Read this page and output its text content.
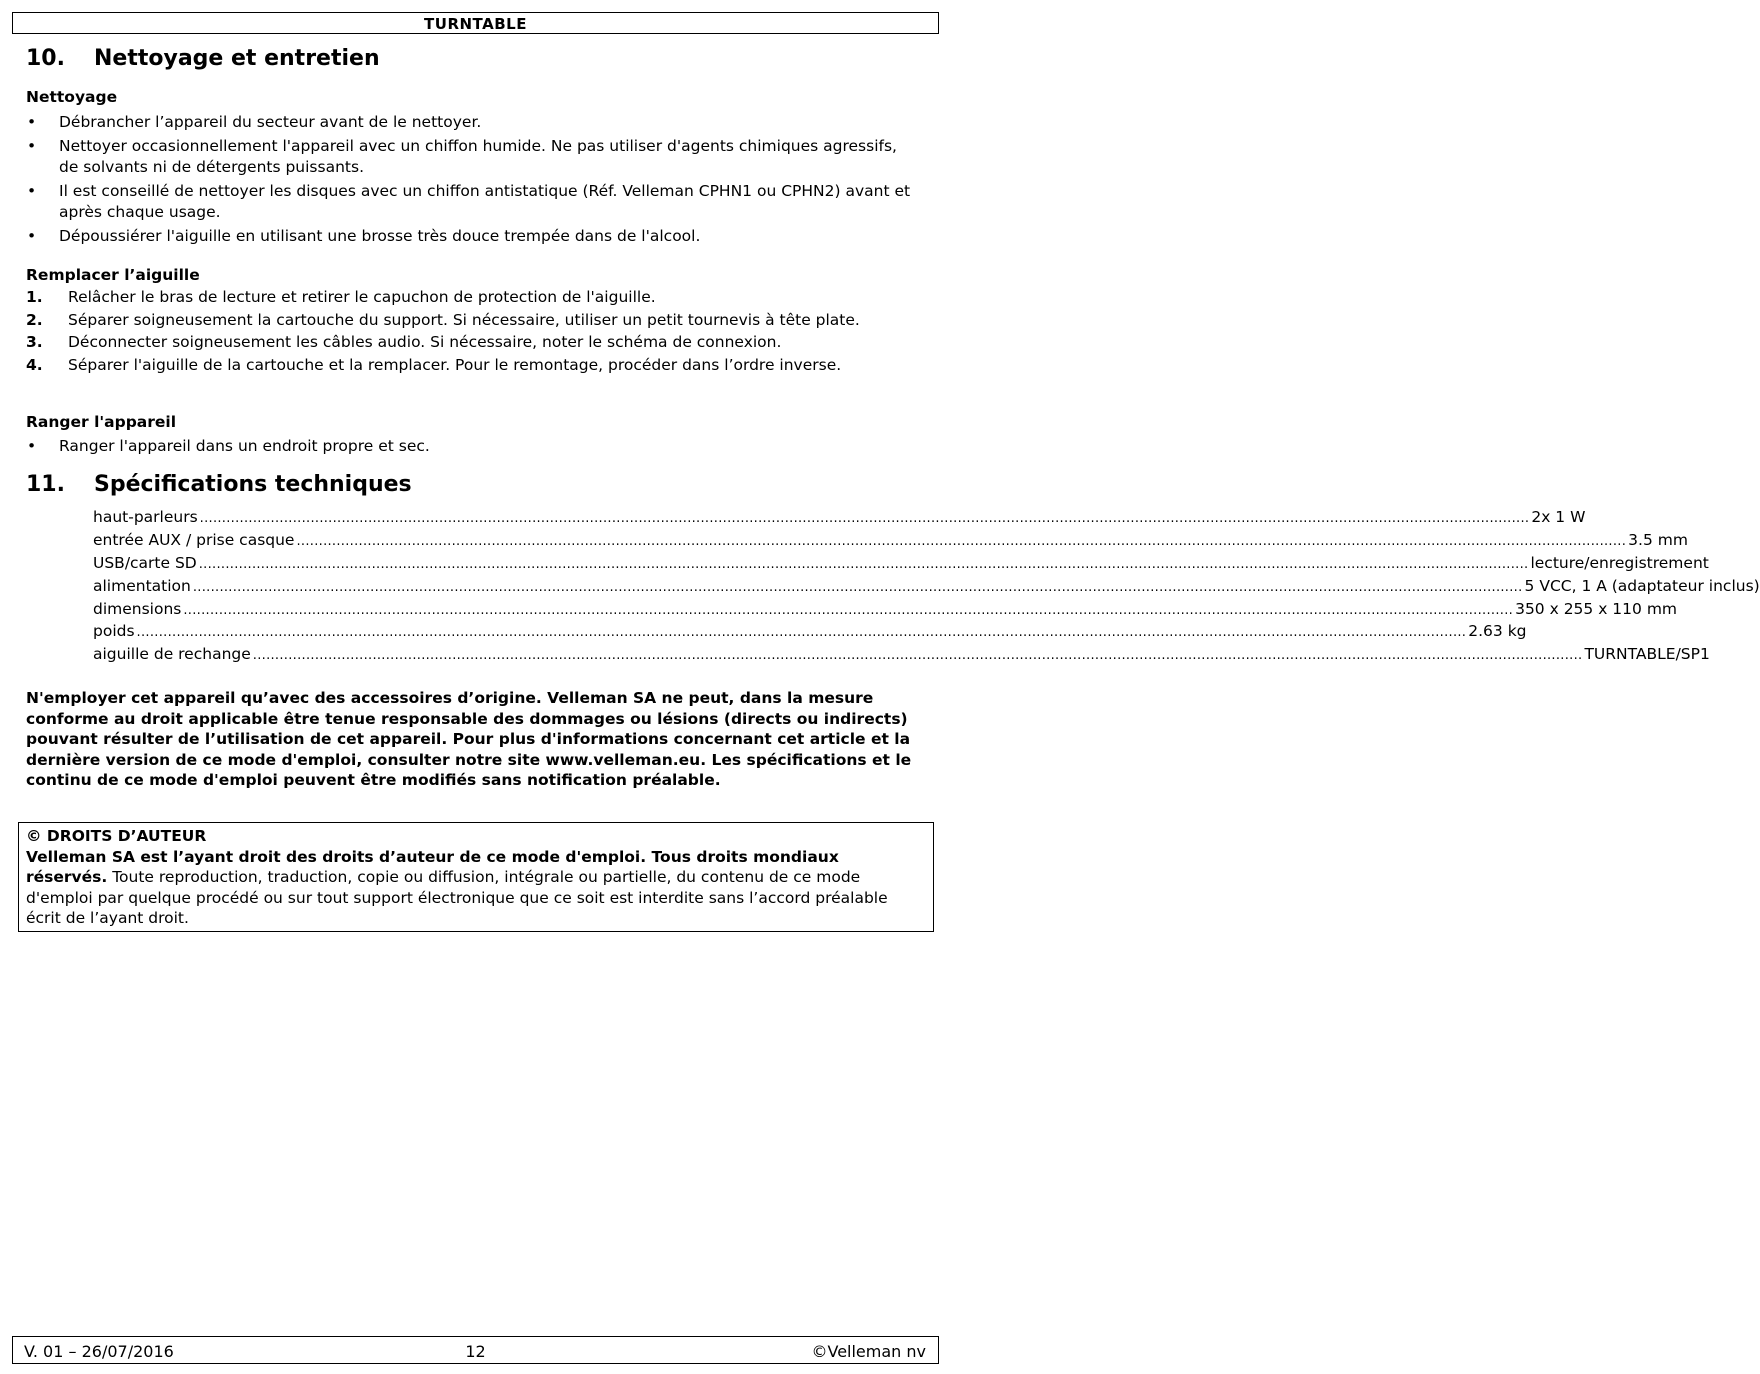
TURNTABLE
10. Nettoyage et entretien
Nettoyage
• Débrancher l’appareil du secteur avant de le nettoyer.
• Nettoyer occasionnellement l'appareil avec un chiffon humide. Ne pas utiliser d'agents chimiques agressifs, de solvants ni de détergents puissants.
• Il est conseillé de nettoyer les disques avec un chiffon antistatique (Réf. Velleman CPHN1 ou CPHN2) avant et après chaque usage.
• Dépoussiérer l'aiguille en utilisant une brosse très douce trempée dans de l'alcool.
Remplacer l’aiguille
1. Relâcher le bras de lecture et retirer le capuchon de protection de l'aiguille.
2. Séparer soigneusement la cartouche du support. Si nécessaire, utiliser un petit tournevis à tête plate.
3. Déconnecter soigneusement les câbles audio. Si nécessaire, noter le schéma de connexion.
4. Séparer l'aiguille de la cartouche et la remplacer. Pour le remontage, procéder dans l’ordre inverse.
Ranger l'appareil
• Ranger l'appareil dans un endroit propre et sec.
11. Spécifications techniques
haut-parleurs ............................................................................................................................................................................................................................................................................................................ 2x 1 W
entrée AUX / prise casque ............................................................................................................................................................................................................................................................................................................ 3.5 mm
USB/carte SD ............................................................................................................................................................................................................................................................................................................ lecture/enregistrement
alimentation ............................................................................................................................................................................................................................................................................................................ 5 VCC, 1 A (adaptateur inclus)
dimensions ............................................................................................................................................................................................................................................................................................................ 350 x 255 x 110 mm
poids ............................................................................................................................................................................................................................................................................................................ 2.63 kg
aiguille de rechange ............................................................................................................................................................................................................................................................................................................ TURNTABLE/SP1
N'employer cet appareil qu’avec des accessoires d’origine. Velleman SA ne peut, dans la mesure conforme au droit applicable être tenue responsable des dommages ou lésions (directs ou indirects) pouvant résulter de l’utilisation de cet appareil. Pour plus d'informations concernant cet article et la dernière version de ce mode d'emploi, consulter notre site www.velleman.eu. Les spécifications et le continu de ce mode d'emploi peuvent être modifiés sans notification préalable.
© DROITS D’AUTEUR
Velleman SA est l’ayant droit des droits d’auteur de ce mode d'emploi. Tous droits mondiaux réservés. Toute reproduction, traduction, copie ou diffusion, intégrale ou partielle, du contenu de ce mode d'emploi par quelque procédé ou sur tout support électronique que ce soit est interdite sans l’accord préalable écrit de l’ayant droit.
V. 01 – 26/07/2016	12	©Velleman nv
